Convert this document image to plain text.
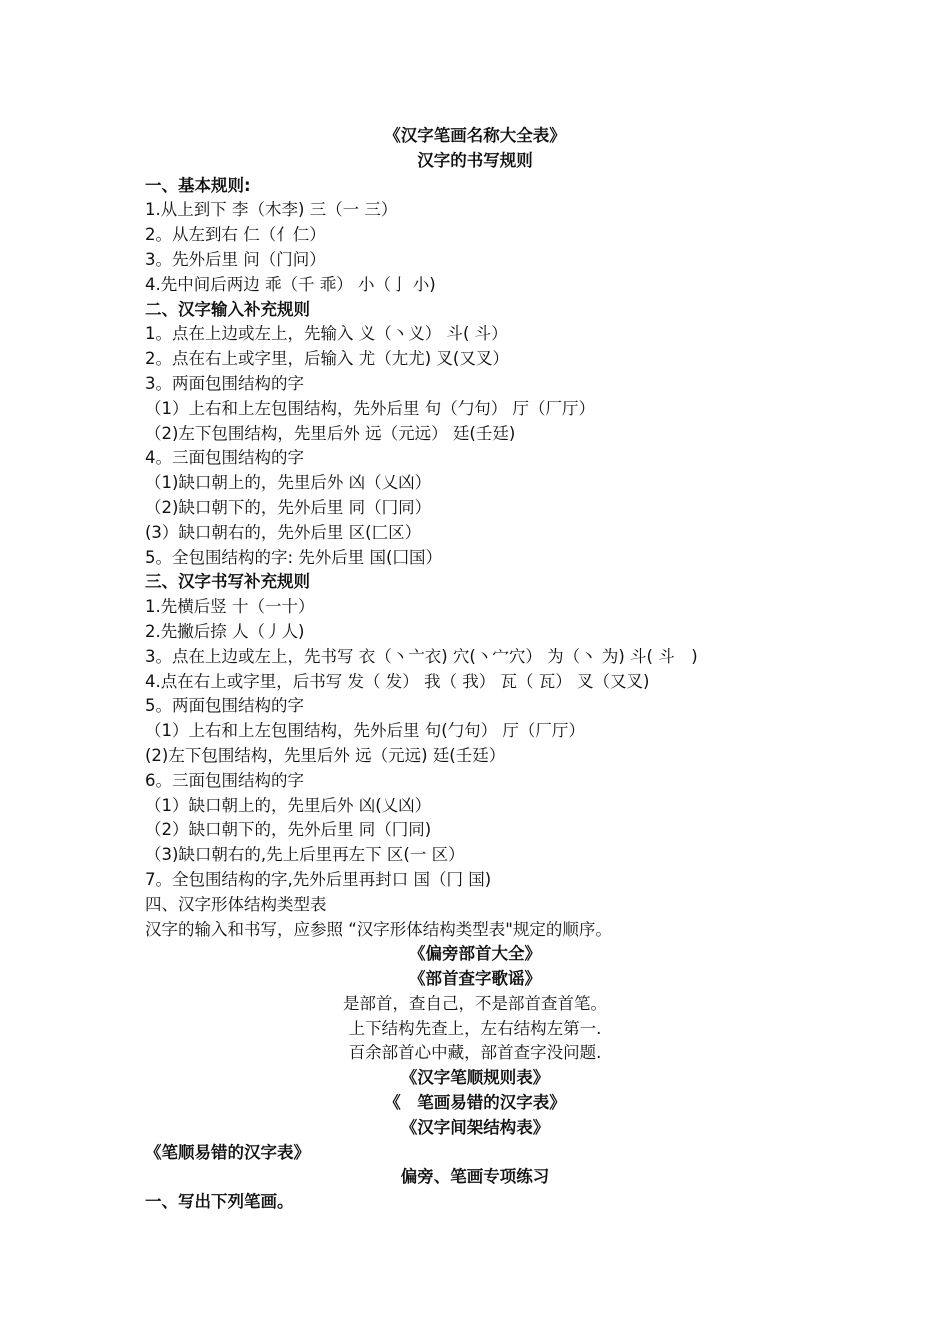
《汉字笔画名称大全表》
汉字的书写规则
一、基本规则:
1.从上到下 李（木李) 三（一 三）
2。从左到右 仁（亻仁）
3。先外后里 问（门问）
4.先中间后两边 乖（千 乖） 小（亅 小)
二、汉字输入补充规则
1。点在上边或左上，先输入 义（丶义） 斗( 斗）
2。点在右上或字里，后输入 尤（尢尤) 叉(又叉）
3。两面包围结构的字
（1）上右和上左包围结构，先外后里 句（勹句） 厅（厂厅）
（2)左下包围结构，先里后外 远（元远） 廷(壬廷)
4。三面包围结构的字
（1)缺口朝上的，先里后外 凶（乂凶）
（2)缺口朝下的，先外后里 同（冂同）
(3）缺口朝右的，先外后里 区(匚区）
5。全包围结构的字: 先外后里 国(囗国）
三、汉字书写补充规则
1.先横后竖 十（一十）
2.先撇后捺 人（丿人)
3。点在上边或左上，先书写 衣（丶亠衣) 穴(丶宀穴） 为（丶 为) 斗( 斗　)
4.点在右上或字里，后书写 发（ 发） 我（ 我） 瓦（ 瓦） 叉（又叉)
5。两面包围结构的字
（1）上右和上左包围结构，先外后里 句(勹句） 厅（厂厅）
(2)左下包围结构，先里后外 远（元远) 廷(壬廷）
6。三面包围结构的字
（1）缺口朝上的，先里后外 凶(乂凶）
（2）缺口朝下的，先外后里 同（冂同)
（3)缺口朝右的,先上后里再左下 区(一 区）
7。全包围结构的字,先外后里再封口 国（冂 国)
四、汉字形体结构类型表
汉字的输入和书写，应参照 “汉字形体结构类型表"规定的顺序。
《偏旁部首大全》
《部首查字歌谣》
是部首，查自己，不是部首查首笔。
上下结构先查上，左右结构左第一.
百余部首心中藏，部首查字没问题.
《汉字笔顺规则表》
《　笔画易错的汉字表》
《汉字间架结构表》
《笔顺易错的汉字表》
偏旁、笔画专项练习
一、写出下列笔画。
